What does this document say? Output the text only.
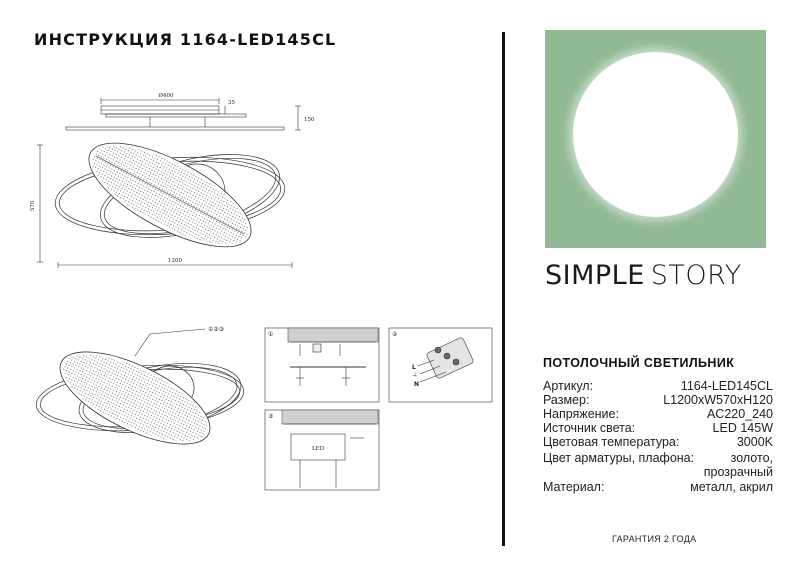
ИНСТРУКЦИЯ 1164-LED145CL
Ø400
35
150
570
1200
①②③
①	②
L
⏚
N
③
LED
SIMPLE STORY
ПОТОЛОЧНЫЙ СВЕТИЛЬНИК
Артикул:	1164-LED145CL
Размер:	L1200xW570xH120
Напряжение:	AC220_240
Источник света:	LED 145W
Цветовая температура:	3000K
Цвет арматуры, плафона:	золото,
прозрачный
Материал:	металл, акрил
ГАРАНТИЯ 2 ГОДА
